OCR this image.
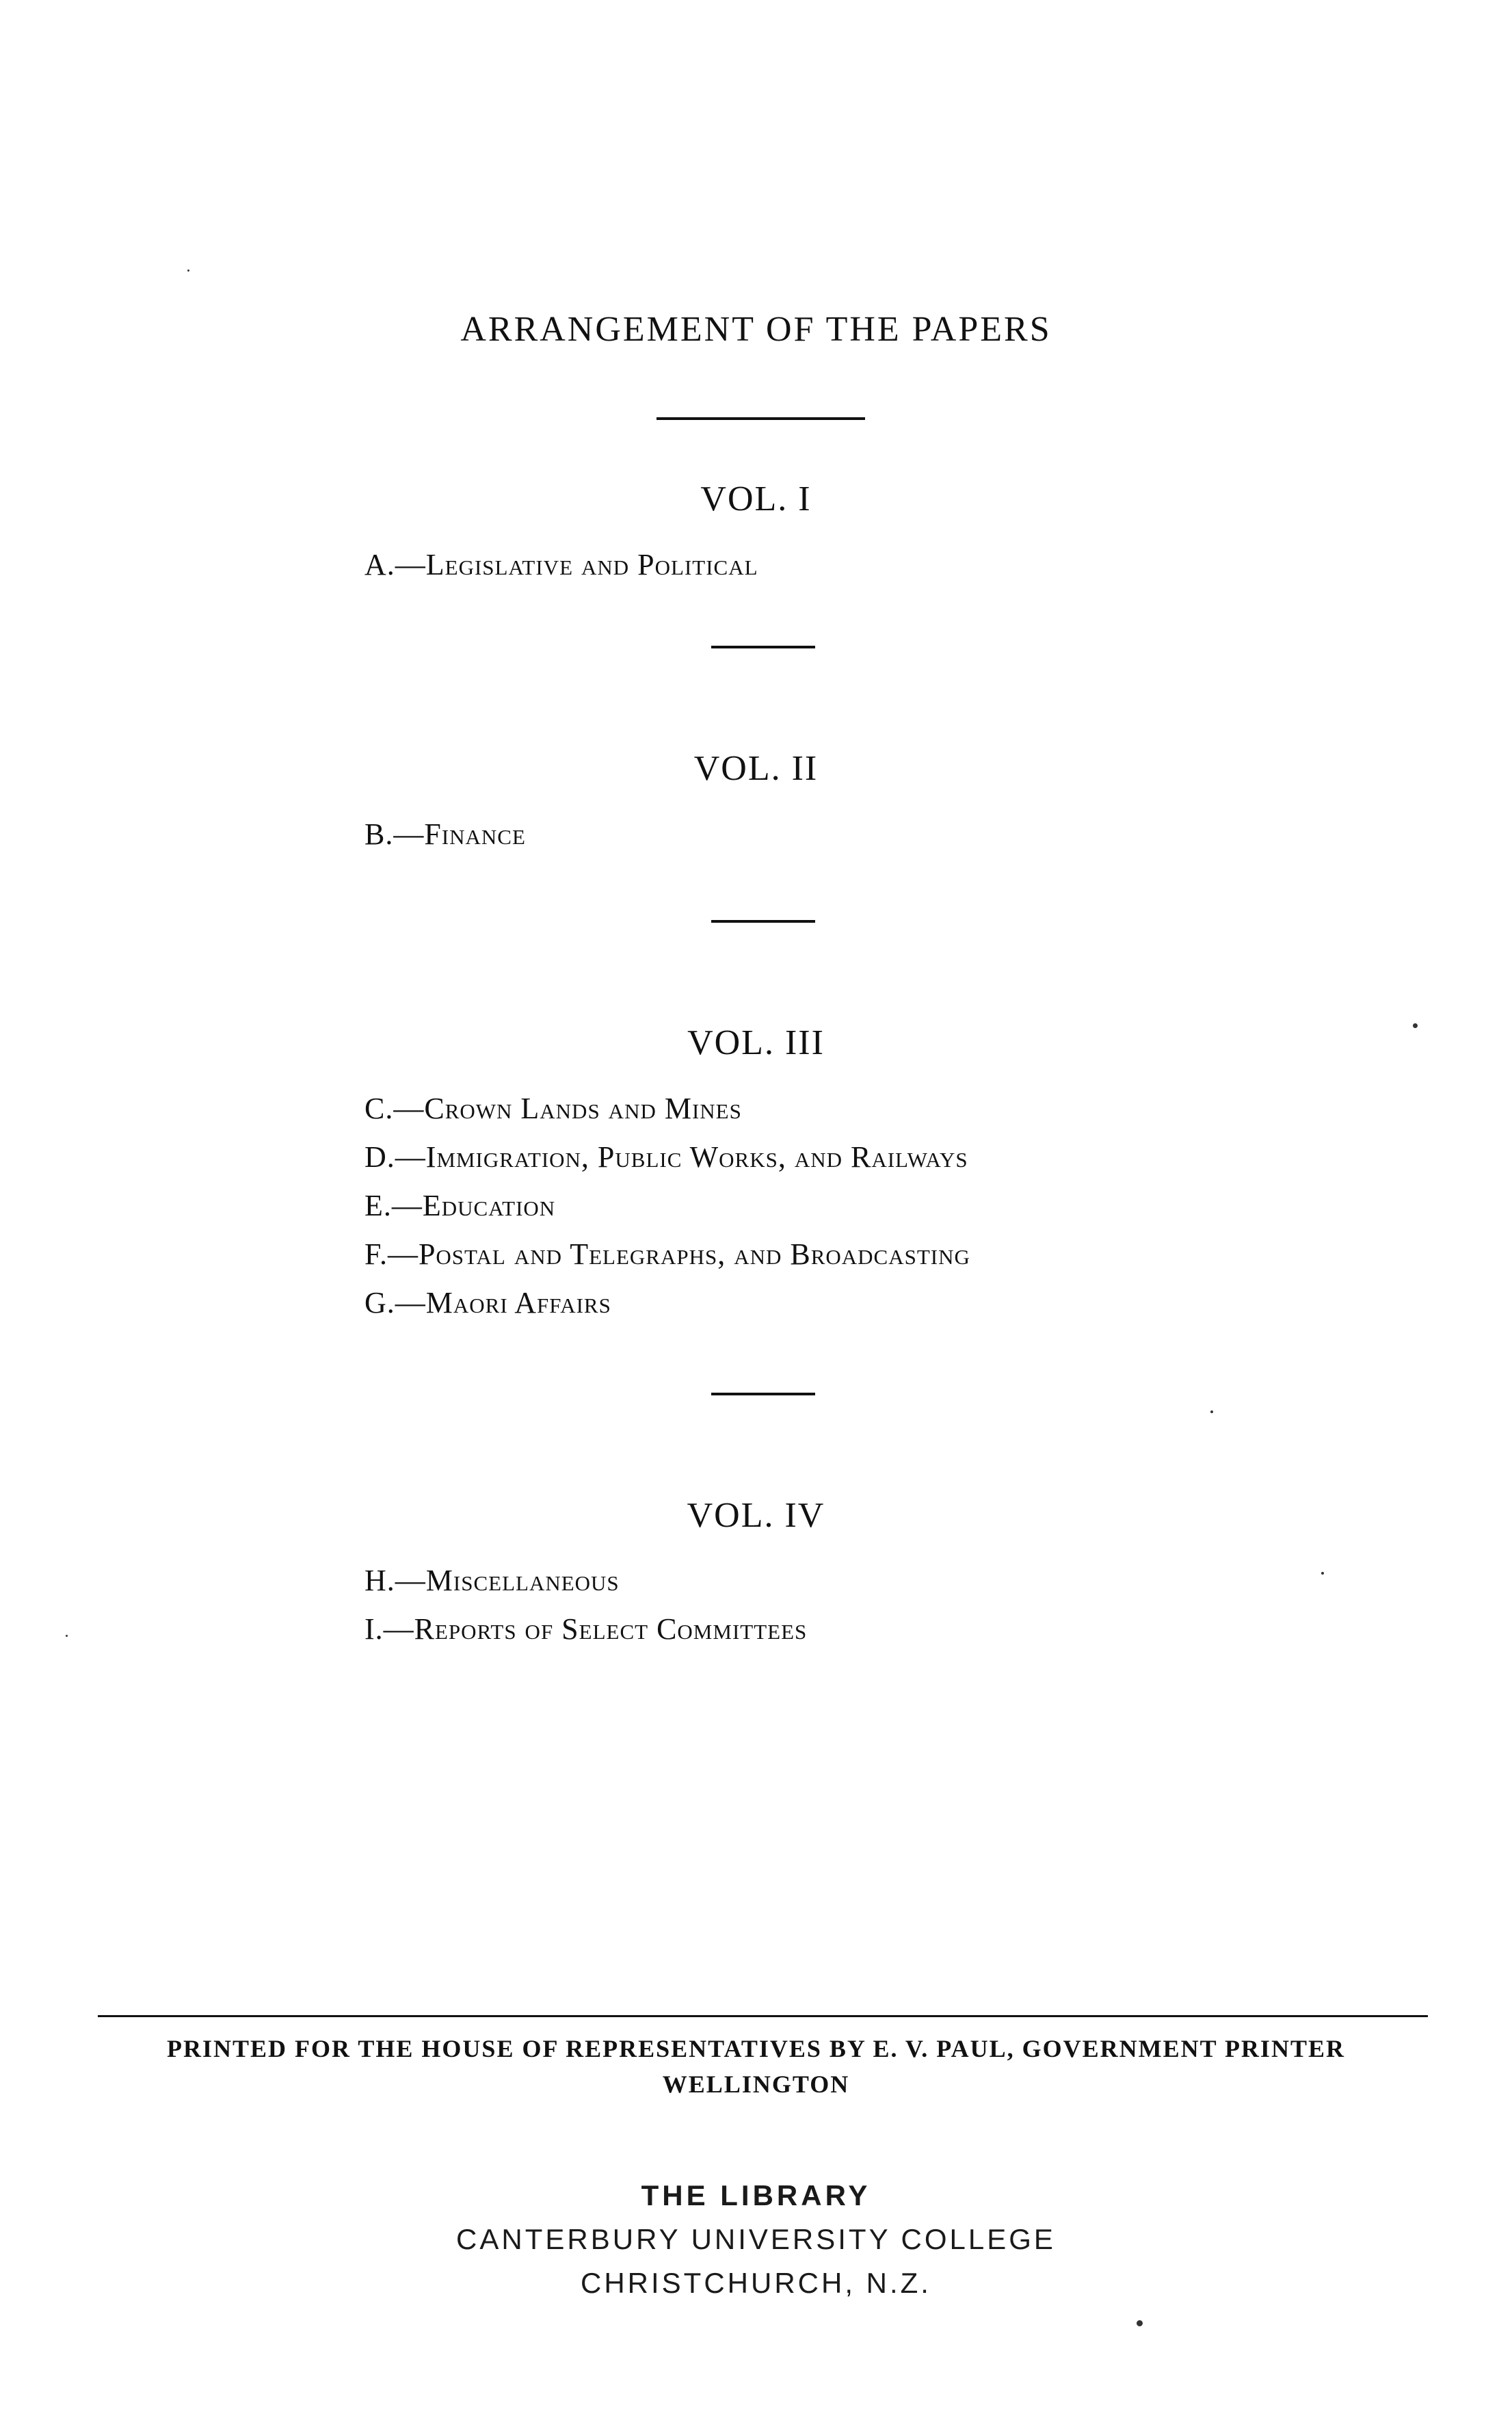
ARRANGEMENT OF THE PAPERS
VOL. I
A.—Legislative and Political
VOL. II
B.—Finance
VOL. III
C.—Crown Lands and Mines
D.—Immigration, Public Works, and Railways
E.—Education
F.—Postal and Telegraphs, and Broadcasting
G.—Maori Affairs
VOL. IV
H.—Miscellaneous
I.—Reports of Select Committees
PRINTED FOR THE HOUSE OF REPRESENTATIVES BY E. V. PAUL, GOVERNMENT PRINTER
WELLINGTON
THE LIBRARY
CANTERBURY UNIVERSITY COLLEGE
CHRISTCHURCH, N.Z.
